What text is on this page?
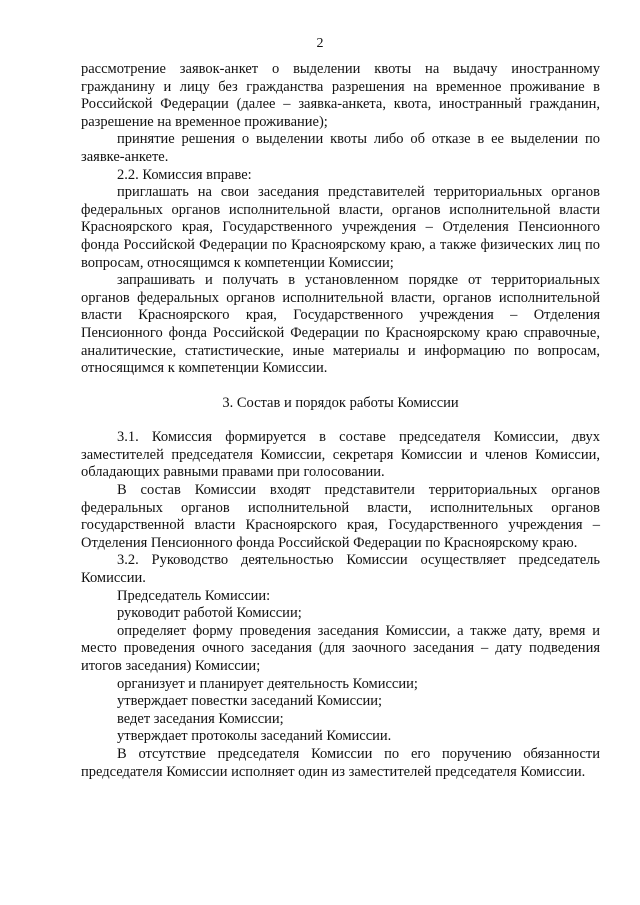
2

рассмотрение заявок-анкет о выделении квоты на выдачу иностранному гражданину и лицу без гражданства разрешения на временное проживание в Российской Федерации (далее – заявка-анкета, квота, иностранный гражданин, разрешение на временное проживание);

принятие решения о выделении квоты либо об отказе в ее выделении по заявке-анкете.

2.2. Комиссия вправе:

приглашать на свои заседания представителей территориальных органов федеральных органов исполнительной власти, органов исполнительной власти Красноярского края, Государственного учреждения – Отделения Пенсионного фонда Российской Федерации по Красноярскому краю, а также физических лиц по вопросам, относящимся к компетенции Комиссии;

запрашивать и получать в установленном порядке от территориальных органов федеральных органов исполнительной власти, органов исполнительной власти Красноярского края, Государственного учреждения – Отделения Пенсионного фонда Российской Федерации по Красноярскому краю справочные, аналитические, статистические, иные материалы и информацию по вопросам, относящимся к компетенции Комиссии.

3. Состав и порядок работы Комиссии

3.1. Комиссия формируется в составе председателя Комиссии, двух заместителей председателя Комиссии, секретаря Комиссии и членов Комиссии, обладающих равными правами при голосовании.

В состав Комиссии входят представители территориальных органов федеральных органов исполнительной власти, исполнительных органов государственной власти Красноярского края, Государственного учреждения – Отделения Пенсионного фонда Российской Федерации по Красноярскому краю.

3.2. Руководство деятельностью Комиссии осуществляет председатель Комиссии.

Председатель Комиссии:

руководит работой Комиссии;

определяет форму проведения заседания Комиссии, а также дату, время и место проведения очного заседания (для заочного заседания – дату подведения итогов заседания) Комиссии;

организует и планирует деятельность Комиссии;

утверждает повестки заседаний Комиссии;

ведет заседания Комиссии;

утверждает протоколы заседаний Комиссии.

В отсутствие председателя Комиссии по его поручению обязанности председателя Комиссии исполняет один из заместителей председателя Комиссии.
